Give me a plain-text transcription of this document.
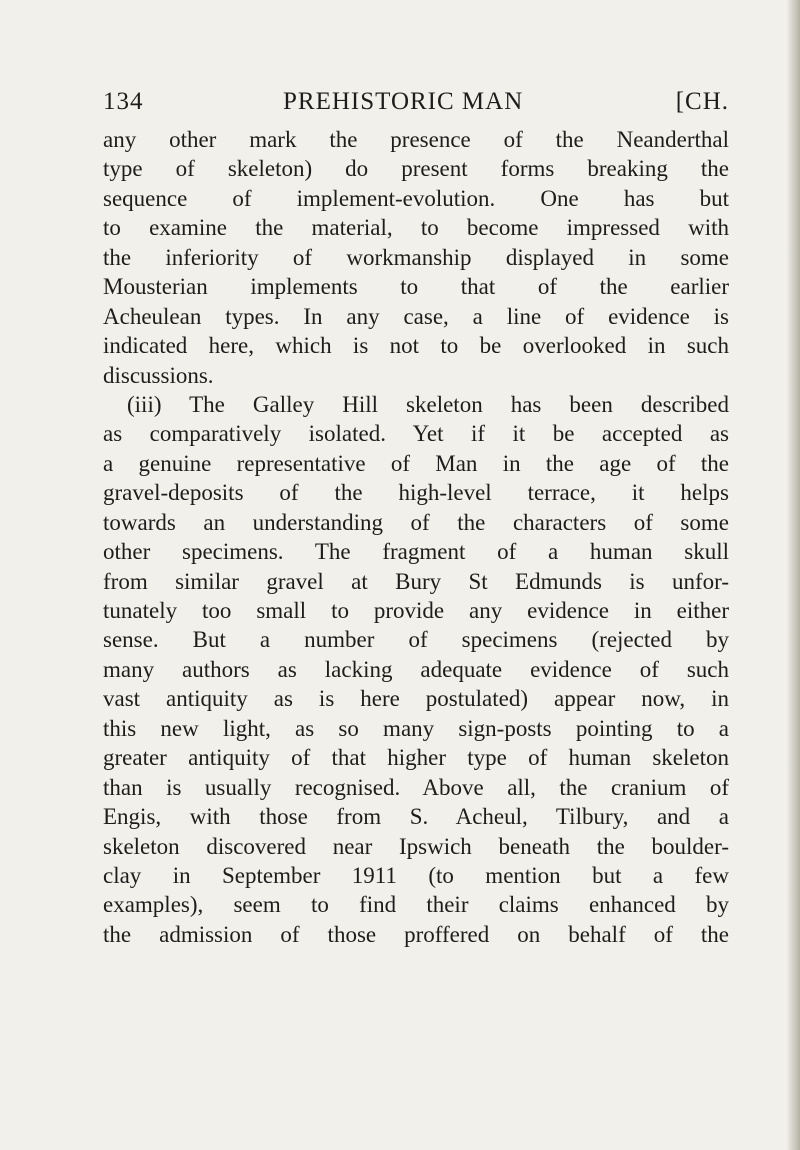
134	PREHISTORIC MAN	[CH.
any other mark the presence of the Neanderthal
type of skeleton) do present forms breaking the
sequence of implement-evolution. One has but
to examine the material, to become impressed with
the inferiority of workmanship displayed in some
Mousterian implements to that of the earlier
Acheulean types. In any case, a line of evidence is
indicated here, which is not to be overlooked in such
discussions.
(iii) The Galley Hill skeleton has been described
as comparatively isolated. Yet if it be accepted as
a genuine representative of Man in the age of the
gravel-deposits of the high-level terrace, it helps
towards an understanding of the characters of some
other specimens. The fragment of a human skull
from similar gravel at Bury St Edmunds is unfor-
tunately too small to provide any evidence in either
sense. But a number of specimens (rejected by
many authors as lacking adequate evidence of such
vast antiquity as is here postulated) appear now, in
this new light, as so many sign-posts pointing to a
greater antiquity of that higher type of human skeleton
than is usually recognised. Above all, the cranium of
Engis, with those from S. Acheul, Tilbury, and a
skeleton discovered near Ipswich beneath the boulder-
clay in September 1911 (to mention but a few
examples), seem to find their claims enhanced by
the admission of those proffered on behalf of the
